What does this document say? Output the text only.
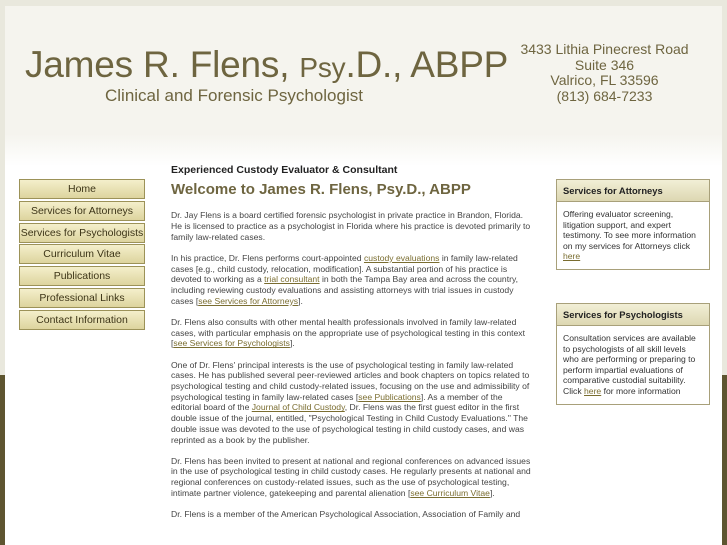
James R. Flens, Psy.D., ABPP
Clinical and Forensic Psychologist
3433 Lithia Pinecrest Road
Suite 346
Valrico, FL 33596
(813) 684-7233
Home
Services for Attorneys
Services for Psychologists
Curriculum Vitae
Publications
Professional Links
Contact Information
Experienced Custody Evaluator & Consultant
Welcome to James R. Flens, Psy.D., ABPP

Dr. Jay Flens is a board certified forensic psychologist in private practice in Brandon, Florida. He is licensed to practice as a psychologist in Florida where his practice is devoted primarily to family law-related cases.

In his practice, Dr. Flens performs court-appointed custody evaluations in family law-related cases [e.g., child custody, relocation, modification]. A substantial portion of his practice is devoted to working as a trial consultant in both the Tampa Bay area and across the country, including reviewing custody evaluations and assisting attorneys with trial issues in custody cases [see Services for Attorneys].

Dr. Flens also consults with other mental health professionals involved in family law-related cases, with particular emphasis on the appropriate use of psychological testing in this context [see Services for Psychologists].

One of Dr. Flens' principal interests is the use of psychological testing in family law-related cases. He has published several peer-reviewed articles and book chapters on topics related to psychological testing and child custody-related issues, focusing on the use and admissibility of psychological testing in family law-related cases [see Publications]. As a member of the editorial board of the Journal of Child Custody, Dr. Flens was the first guest editor in the first double issue of the journal, entitled, "Psychological Testing in Child Custody Evaluations." The double issue was devoted to the use of psychological testing in child custody cases, and was reprinted as a book by the publisher.

Dr. Flens has been invited to present at national and regional conferences on advanced issues in the use of psychological testing in child custody cases. He regularly presents at national and regional conferences on custody-related issues, such as the use of psychological testing, intimate partner violence, gatekeeping and parental alienation [see Curriculum Vitae].

Dr. Flens is a member of the American Psychological Association, Association of Family and

Services for Attorneys
Offering evaluator screening, litigation support, and expert testimony. To see more information on my services for Attorneys click here
Services for Psychologists
Consultation services are available to psychologists of all skill levels who are performing or preparing to perform impartial evaluations of comparative custodial suitability. Click here for more information
